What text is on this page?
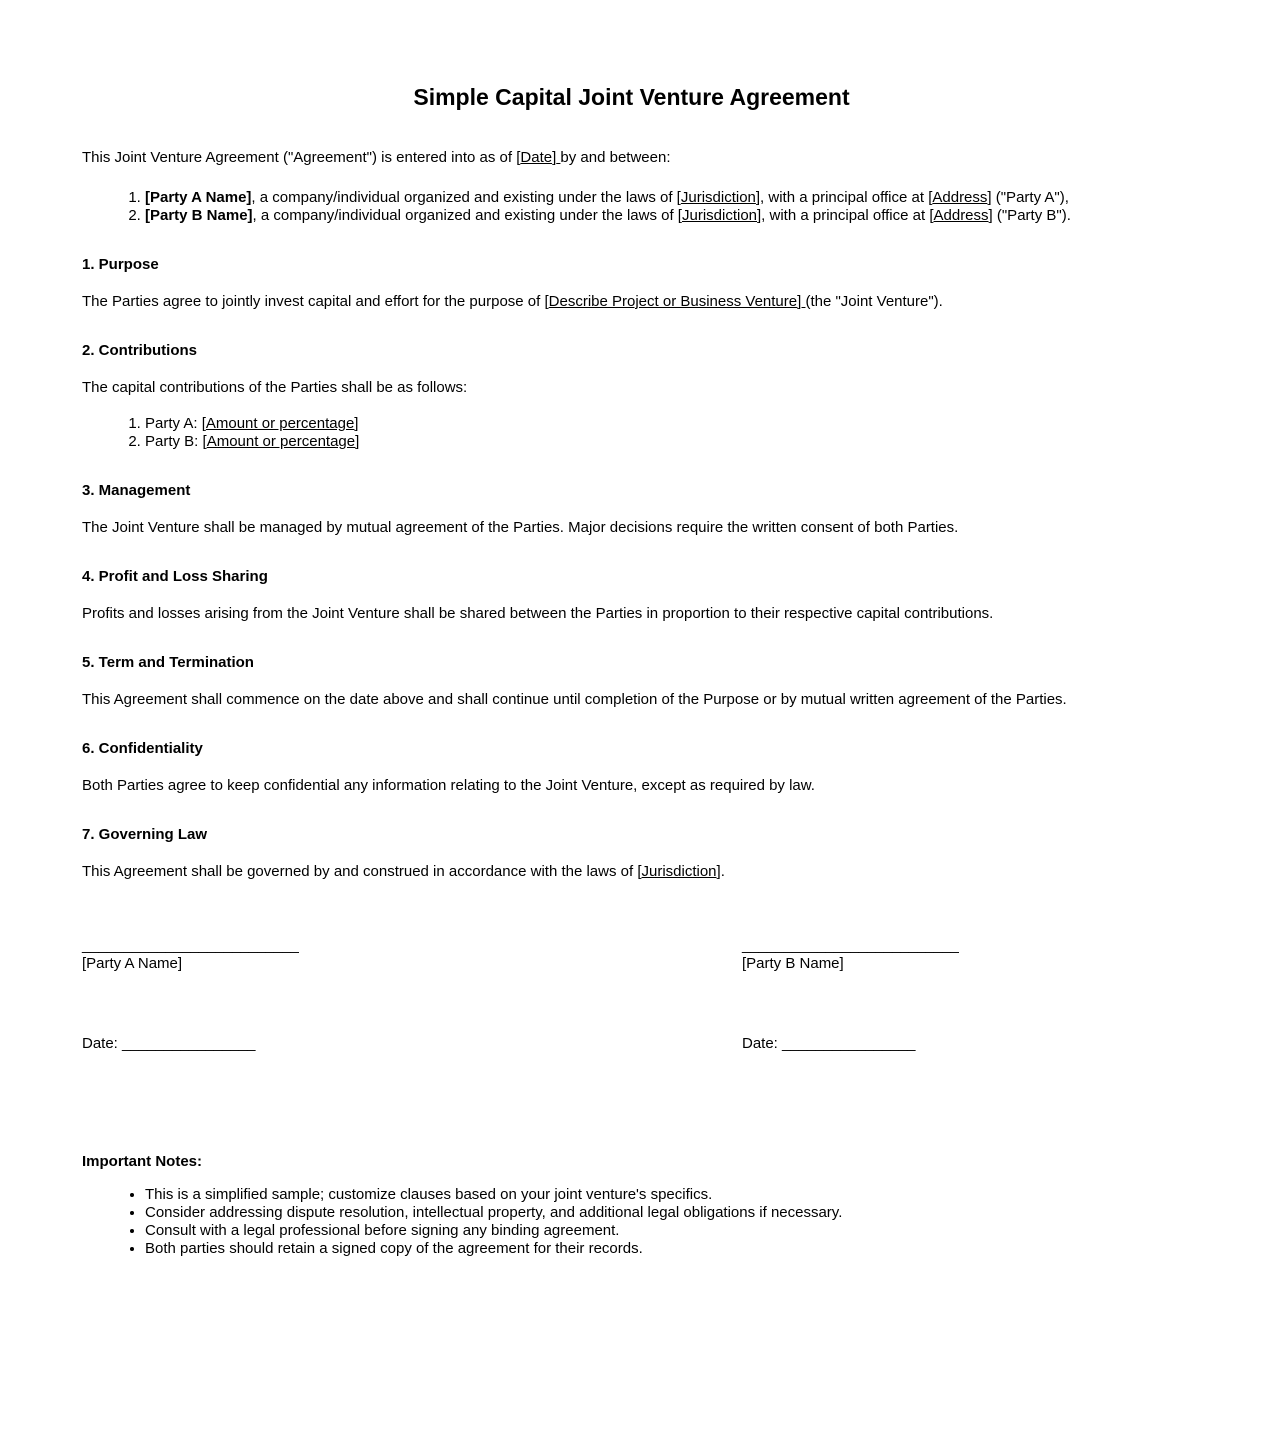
Simple Capital Joint Venture Agreement

This Joint Venture Agreement ("Agreement") is entered into as of [Date] by and between:

1. [Party A Name], a company/individual organized and existing under the laws of [Jurisdiction], with a principal office at [Address] ("Party A"),
2. [Party B Name], a company/individual organized and existing under the laws of [Jurisdiction], with a principal office at [Address] ("Party B").
1. Purpose

The Parties agree to jointly invest capital and effort for the purpose of [Describe Project or Business Venture] (the "Joint Venture").

2. Contributions

The capital contributions of the Parties shall be as follows:

1. Party A: [Amount or percentage]
2. Party B: [Amount or percentage]
3. Management

The Joint Venture shall be managed by mutual agreement of the Parties. Major decisions require the written consent of both Parties.

4. Profit and Loss Sharing

Profits and losses arising from the Joint Venture shall be shared between the Parties in proportion to their respective capital contributions.

5. Term and Termination

This Agreement shall commence on the date above and shall continue until completion of the Purpose or by mutual written agreement of the Parties.

6. Confidentiality

Both Parties agree to keep confidential any information relating to the Joint Venture, except as required by law.

7. Governing Law

This Agreement shall be governed by and construed in accordance with the laws of [Jurisdiction].

__________________________
[Party A Name]
__________________________
[Party B Name]
Date: ________________	Date: ________________
Important Notes:
• This is a simplified sample; customize clauses based on your joint venture's specifics.
• Consider addressing dispute resolution, intellectual property, and additional legal obligations if necessary.
• Consult with a legal professional before signing any binding agreement.
• Both parties should retain a signed copy of the agreement for their records.
